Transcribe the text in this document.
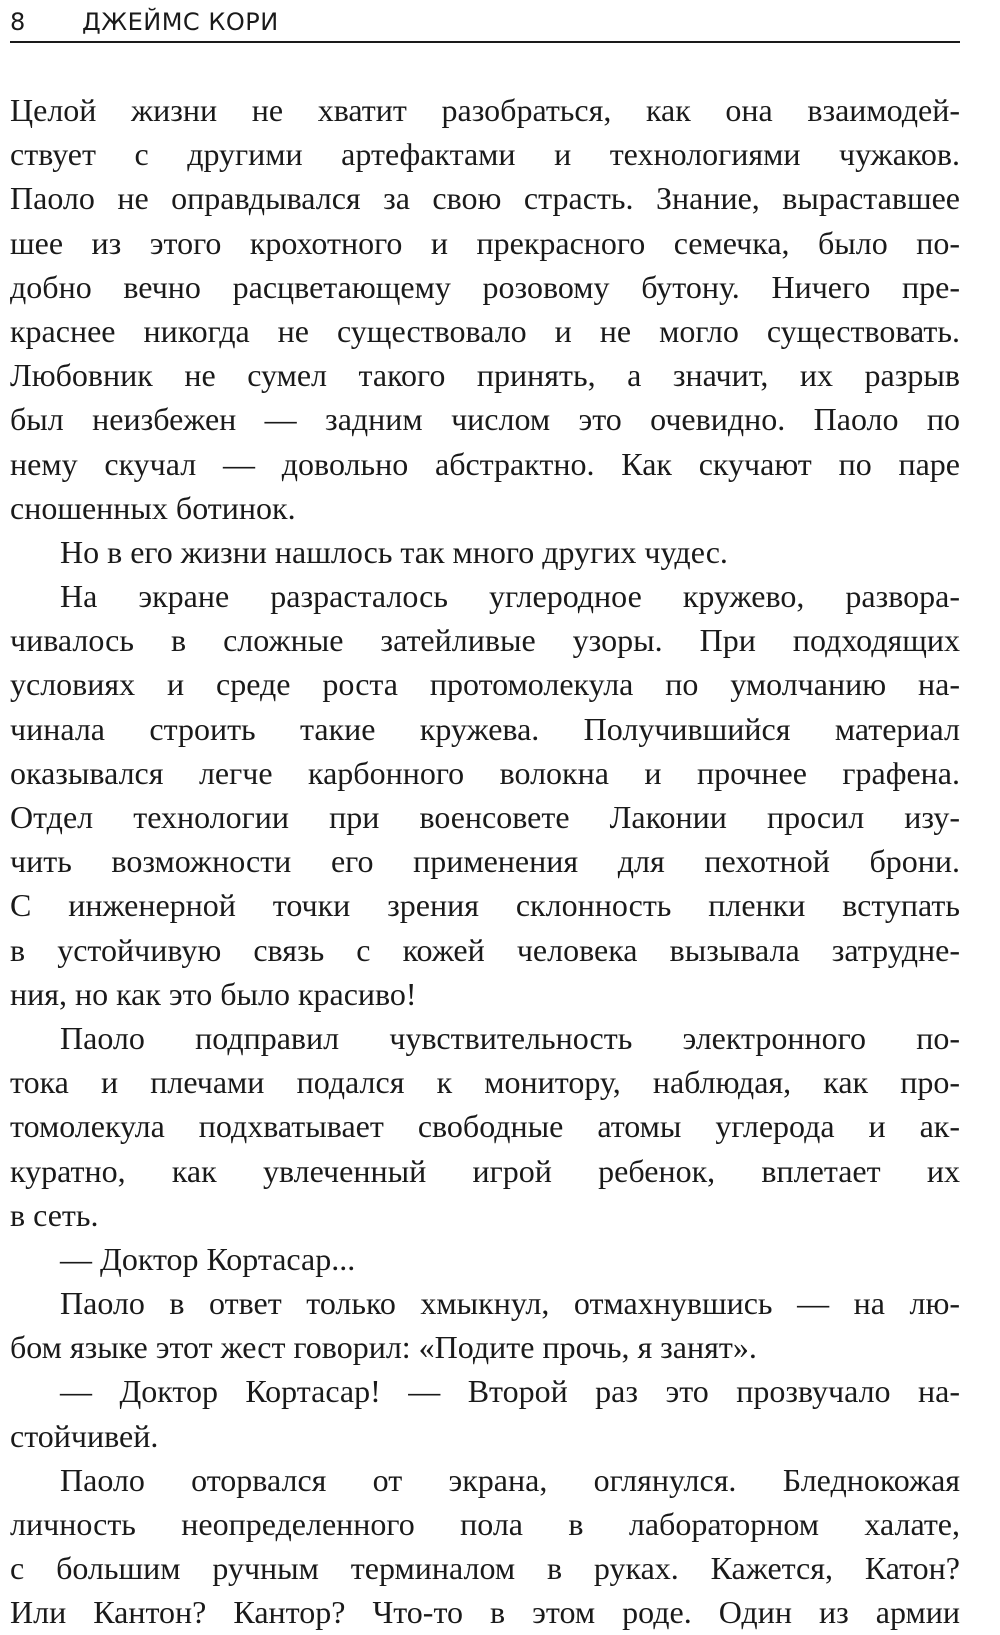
8 ДЖЕЙМС КОРИ
Целой жизни не хватит разобраться, как она взаимодей-
ствует с другими артефактами и технологиями чужаков.
Паоло не оправдывался за свою страсть. Знание, выраставшее
шее из этого крохотного и прекрасного семечка, было по-
добно вечно расцветающему розовому бутону. Ничего пре-
краснее никогда не существовало и не могло существовать.
Любовник не сумел такого принять, а значит, их разрыв
был неизбежен — задним числом это очевидно. Паоло по
нему скучал — довольно абстрактно. Как скучают по паре
сношенных ботинок.
Но в его жизни нашлось так много других чудес.
На экране разрасталось углеродное кружево, развора-
чивалось в сложные затейливые узоры. При подходящих
условиях и среде роста протомолекула по умолчанию на-
чинала строить такие кружева. Получившийся материал
оказывался легче карбонного волокна и прочнее графена.
Отдел технологии при военсовете Лаконии просил изу-
чить возможности его применения для пехотной брони.
С инженерной точки зрения склонность пленки вступать
в устойчивую связь с кожей человека вызывала затрудне-
ния, но как это было красиво!
Паоло подправил чувствительность электронного по-
тока и плечами подался к монитору, наблюдая, как про-
томолекула подхватывает свободные атомы углерода и ак-
куратно, как увлеченный игрой ребенок, вплетает их
в сеть.
— Доктор Кортасар...
Паоло в ответ только хмыкнул, отмахнувшись — на лю-
бом языке этот жест говорил: «Подите прочь, я занят».
— Доктор Кортасар! — Второй раз это прозвучало на-
стойчивей.
Паоло оторвался от экрана, оглянулся. Бледнокожая
личность неопределенного пола в лабораторном халате,
с большим ручным терминалом в руках. Кажется, Катон?
Или Кантон? Кантор? Что-то в этом роде. Один из армии
